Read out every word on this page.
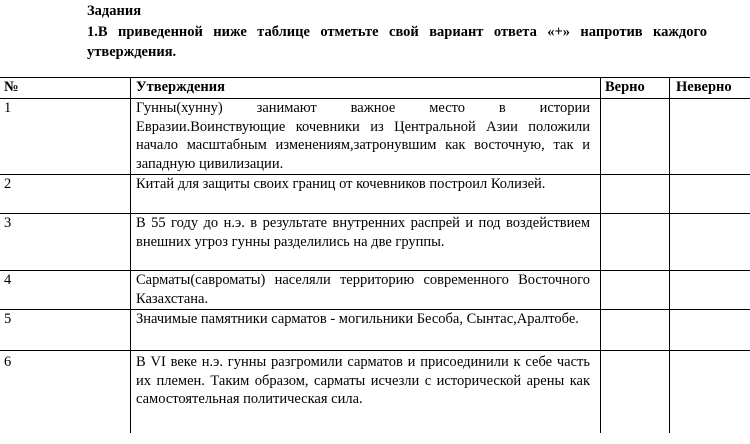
Задания
1.В приведенной ниже таблице отметьте свой вариант ответа «+» напротив каждого утверждения.
№	Утверждения	Верно	Неверно
1	Гунны(хунну) занимают важное место в истории Евразии.Воинствующие кочевники из Центральной Азии положили начало масштабным изменениям,затронувшим как восточную, так и западную цивилизации.		

2	Китай для защиты своих границ от кочевников построил Колизей.		

3	В 55 году до н.э. в результате внутренних распрей и под воздействием внешних угроз гунны разделились на две группы.		

4	Сарматы(савроматы) населяли территорию современного Восточного Казахстана.		

5	Значимые памятники сарматов - могильники Бесоба, Сынтас,Аралтобе.		

6	В VI веке н.э. гунны разгромили сарматов и присоединили к себе часть их племен. Таким образом, сарматы исчезли с исторической арены как самостоятельная политическая сила.		
